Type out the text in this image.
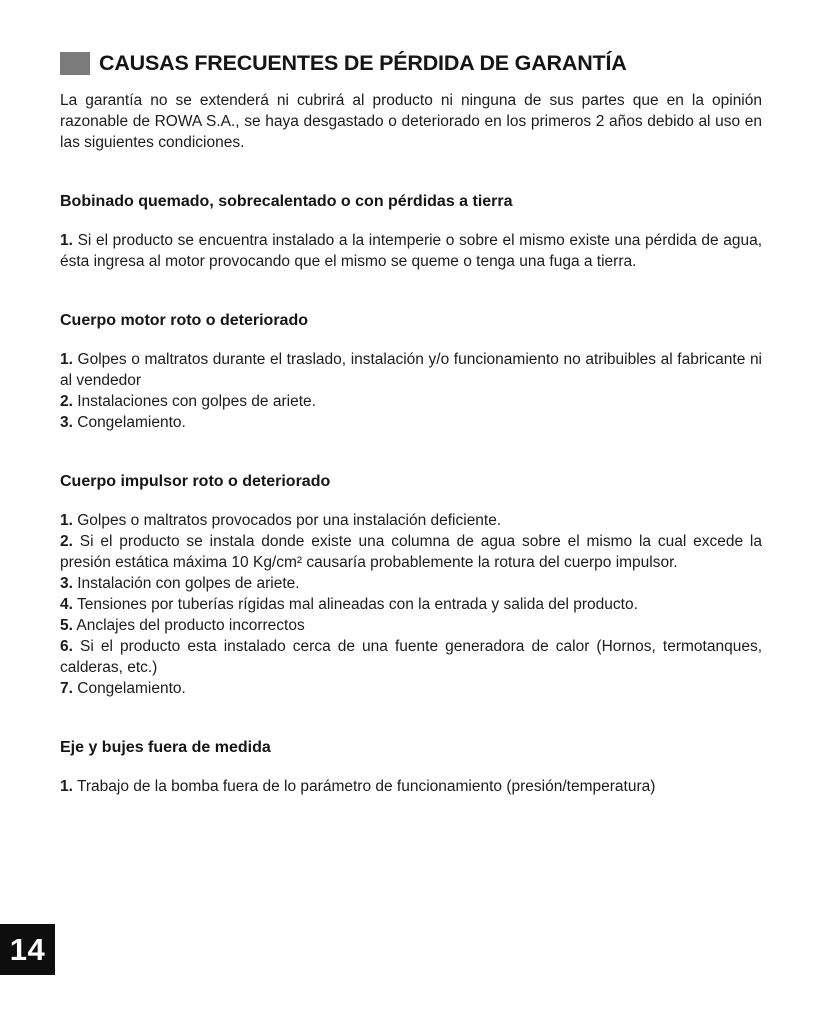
CAUSAS FRECUENTES DE PÉRDIDA DE GARANTÍA

La garantía no se extenderá ni cubrirá al producto ni ninguna de sus partes que en la opinión razonable de ROWA S.A., se haya desgastado o deteriorado en los primeros 2 años debido al uso en las siguientes condiciones.

Bobinado quemado, sobrecalentado o con pérdidas a tierra

1. Si el producto se encuentra instalado a la intemperie o sobre el mismo existe una pérdida de agua, ésta ingresa al motor provocando que el mismo se queme o tenga una fuga a tierra.

Cuerpo motor roto o deteriorado

1. Golpes o maltratos durante el traslado, instalación y/o funcionamiento no atribuibles al fabricante ni al vendedor

2. Instalaciones con golpes de ariete.

3. Congelamiento.

Cuerpo impulsor roto o deteriorado

1. Golpes o maltratos provocados por una instalación deficiente.

2. Si el producto se instala donde existe una columna de agua sobre el mismo la cual excede la presión estática máxima 10 Kg/cm² causaría probablemente la rotura del cuerpo impulsor.

3. Instalación con golpes de ariete.

4. Tensiones por tuberías rígidas mal alineadas con la entrada y salida del producto.

5. Anclajes del producto incorrectos

6. Si el producto esta instalado cerca de una fuente generadora de calor (Hornos, termotanques, calderas, etc.)

7. Congelamiento.

Eje y bujes fuera de medida

1. Trabajo de la bomba fuera de lo parámetro de funcionamiento (presión/temperatura)

14
